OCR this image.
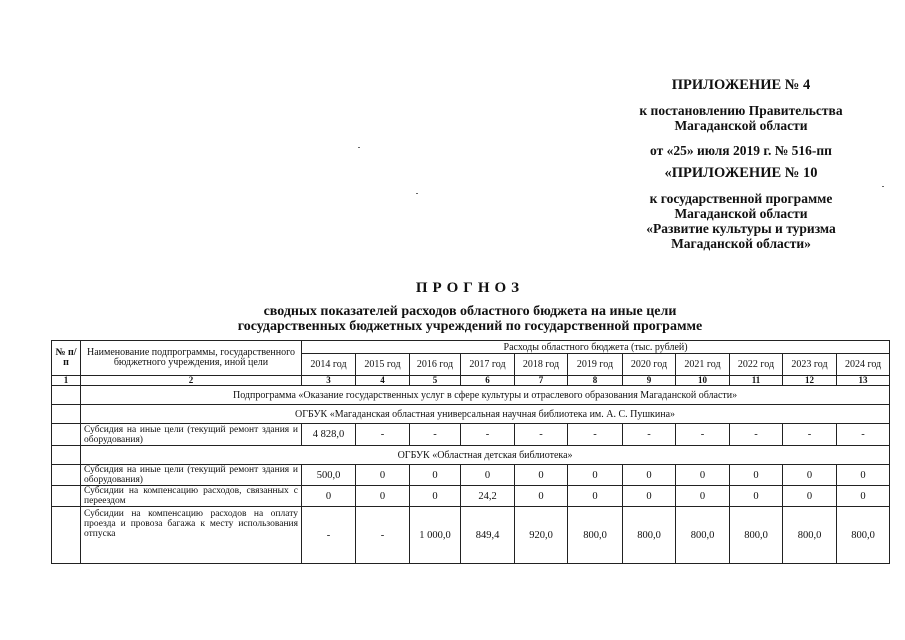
ПРИЛОЖЕНИЕ № 4
к постановлению Правительства
Магаданской области
от «25» июля 2019 г. № 516-пп
«ПРИЛОЖЕНИЕ № 10
к государственной программе
Магаданской области
«Развитие культуры и туризма
Магаданской области»
ПРОГНОЗ
сводных показателей расходов областного бюджета на иные цели
государственных бюджетных учреждений по государственной программе
№ п/п	Наименование подпрограммы, государственного бюджетного учреждения, иной цели	Расходы областного бюджета (тыс. рублей)										
		2014 год	2015 год	2016 год	2017 год	2018 год	2019 год	2020 год	2021 год	2022 год	2023 год	2024 год
1	2	3	4	5	6	7	8	9	10	11	12	13
	Подпрограмма «Оказание государственных услуг в сфере культуры и отраслевого образования Магаданской области»											
	ОГБУК «Магаданская областная универсальная научная библиотека им. А. С. Пушкина»											
	Субсидия на иные цели (текущий ремонт здания и оборудования)	4 828,0	-	-	-	-	-	-	-	-	-	-
	ОГБУК «Областная детская библиотека»											
	Субсидия на иные цели (текущий ремонт здания и оборудования)	500,0	0	0	0	0	0	0	0	0	0	0
	Субсидии на компенсацию расходов, связанных с переездом	0	0	0	24,2	0	0	0	0	0	0	0
	Субсидии на компенсацию расходов на оплату проезда и провоза багажа к месту использования отпуска	-	-	1 000,0	849,4	920,0	800,0	800,0	800,0	800,0	800,0	800,0
